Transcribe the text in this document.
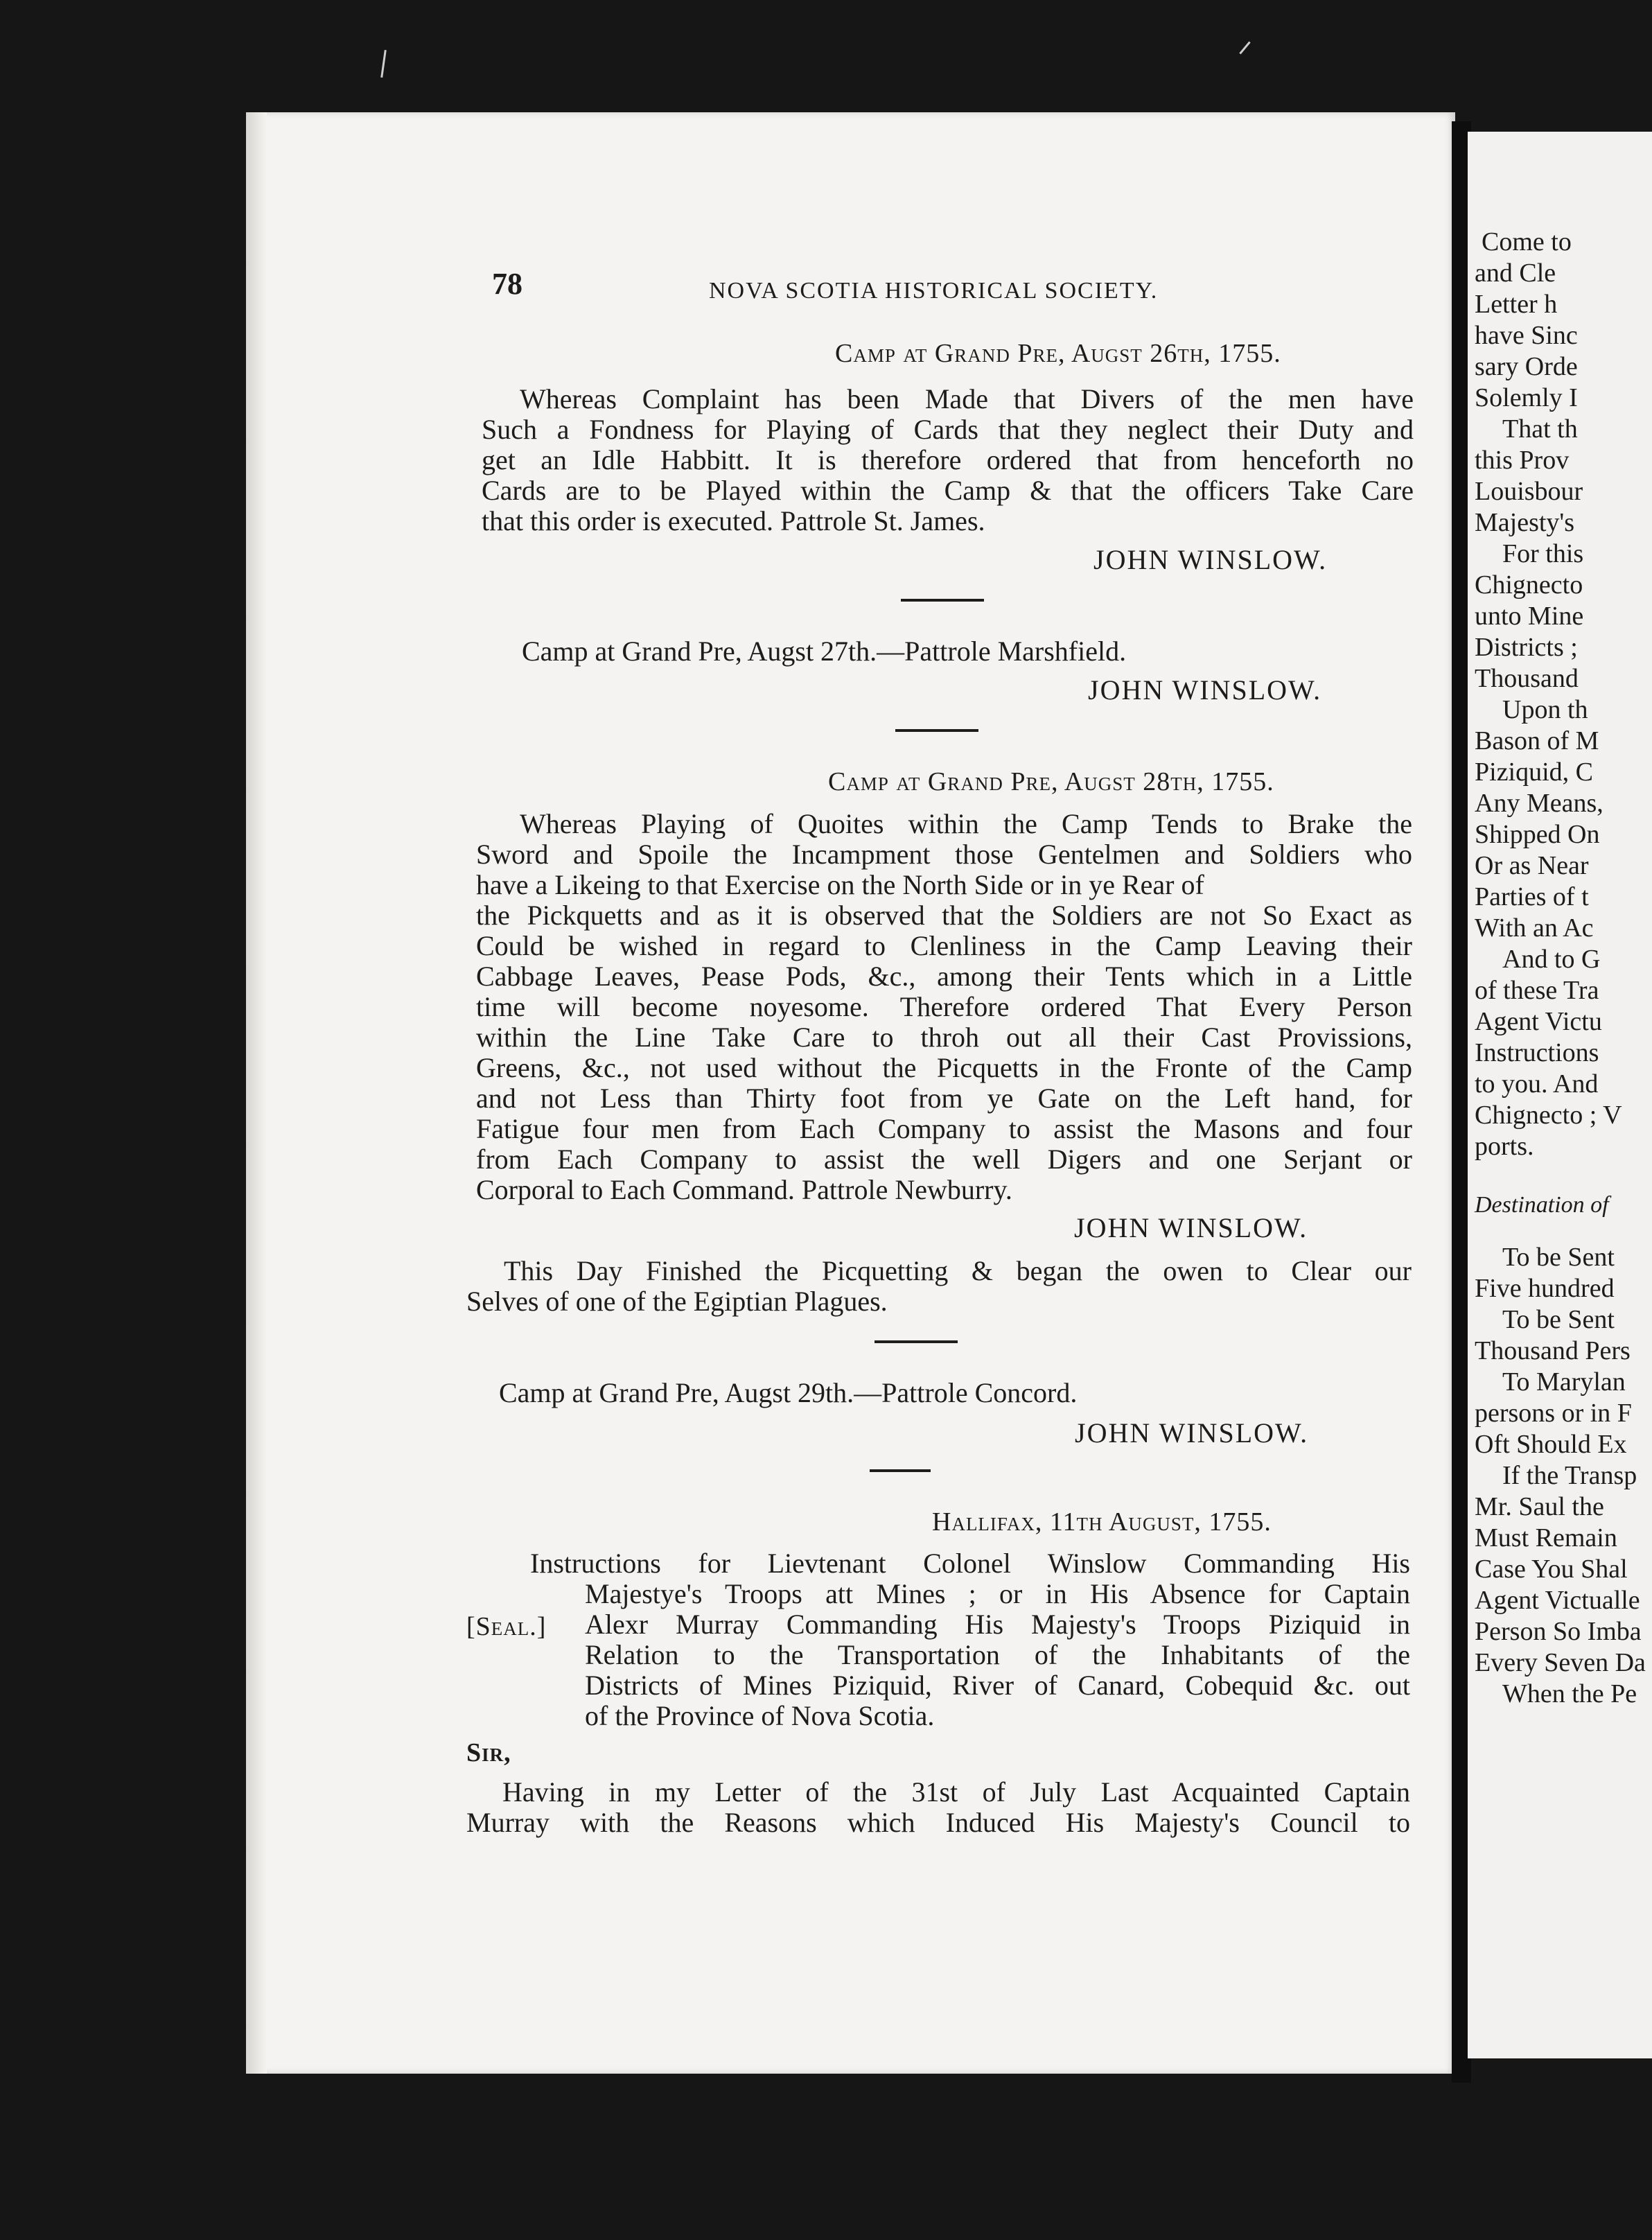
78	NOVA SCOTIA HISTORICAL SOCIETY.
Camp at Grand Pre, Augst 26th, 1755.
Whereas Complaint has been Made that Divers of the men have
Such a Fondness for Playing of Cards that they neglect their Duty and
get an Idle Habbitt. It is therefore ordered that from henceforth no
Cards are to be Played within the Camp & that the officers Take Care
that this order is executed. Pattrole St. James.
JOHN WINSLOW.
Camp at Grand Pre, Augst 27th.—Pattrole Marshfield.
JOHN WINSLOW.
Camp at Grand Pre, Augst 28th, 1755.
Whereas Playing of Quoites within the Camp Tends to Brake the
Sword and Spoile the Incampment those Gentelmen and Soldiers who
have a Likeing to that Exercise on the North Side or in ye Rear of
the Pickquetts and as it is observed that the Soldiers are not So Exact as
Could be wished in regard to Clenliness in the Camp Leaving their
Cabbage Leaves, Pease Pods, &c., among their Tents which in a Little
time will become noyesome. Therefore ordered That Every Person
within the Line Take Care to throh out all their Cast Provissions,
Greens, &c., not used without the Picquetts in the Fronte of the Camp
and not Less than Thirty foot from ye Gate on the Left hand, for
Fatigue four men from Each Company to assist the Masons and four
from Each Company to assist the well Digers and one Serjant or
Corporal to Each Command. Pattrole Newburry.
JOHN WINSLOW.
This Day Finished the Picquetting & began the owen to Clear our
Selves of one of the Egiptian Plagues.
Camp at Grand Pre, Augst 29th.—Pattrole Concord.
JOHN WINSLOW.
Hallifax, 11th August, 1755.
Instructions for Lievtenant Colonel Winslow Commanding His
Majestye's Troops att Mines ; or in His Absence for Captain
[Seal.] Alexr Murray Commanding His Majesty's Troops Piziquid in
Relation to the Transportation of the Inhabitants of the
Districts of Mines Piziquid, River of Canard, Cobequid &c. out
of the Province of Nova Scotia.
Sir,
Having in my Letter of the 31st of July Last Acquainted Captain
Murray with the Reasons which Induced His Majesty's Council to
Come to
and Cle
Letter h
have Sinc
sary Orde
Solemly I
That th
this Prov
Louisbour
Majesty's
For this
Chignecto
unto Mine
Districts ;
Thousand
Upon th
Bason of M
Piziquid, C
Any Means,
Shipped On
Or as Near
Parties of t
With an Ac
And to G
of these Tra
Agent Victu
Instructions
to you. And
Chignecto ; V
ports.
Destination of
To be Sent
Five hundred
To be Sent
Thousand Pers
To Marylan
persons or in F
Oft Should Ex
If the Transp
Mr. Saul the
Must Remain
Case You Shal
Agent Victualle
Person So Imba
Every Seven Da
When the Pe
